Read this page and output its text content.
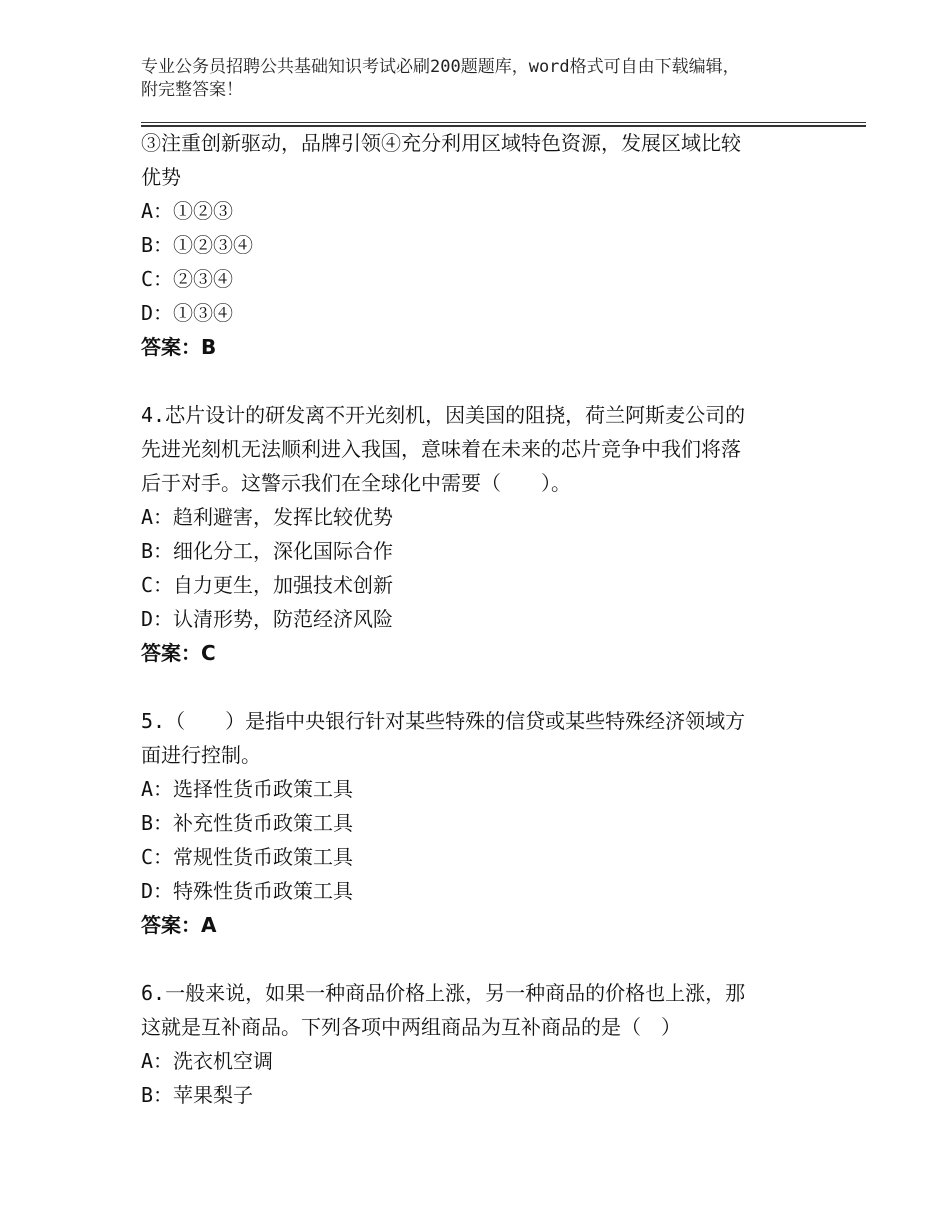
专业公务员招聘公共基础知识考试必刷200题题库，word格式可自由下载编辑，
附完整答案！
③注重创新驱动，品牌引领④充分利用区域特色资源，发展区域比较
优势
A：①②③
B：①②③④
C：②③④
D：①③④
答案：B
4.芯片设计的研发离不开光刻机，因美国的阻挠，荷兰阿斯麦公司的
先进光刻机无法顺利进入我国，意味着在未来的芯片竞争中我们将落
后于对手。这警示我们在全球化中需要（　　）。
A：趋利避害，发挥比较优势
B：细化分工，深化国际合作
C：自力更生，加强技术创新
D：认清形势，防范经济风险
答案：C
5.（　　）是指中央银行针对某些特殊的信贷或某些特殊经济领域方
面进行控制。
A：选择性货币政策工具
B：补充性货币政策工具
C：常规性货币政策工具
D：特殊性货币政策工具
答案：A
6.一般来说，如果一种商品价格上涨，另一种商品的价格也上涨，那
这就是互补商品。下列各项中两组商品为互补商品的是（　）
A：洗衣机空调
B：苹果梨子
